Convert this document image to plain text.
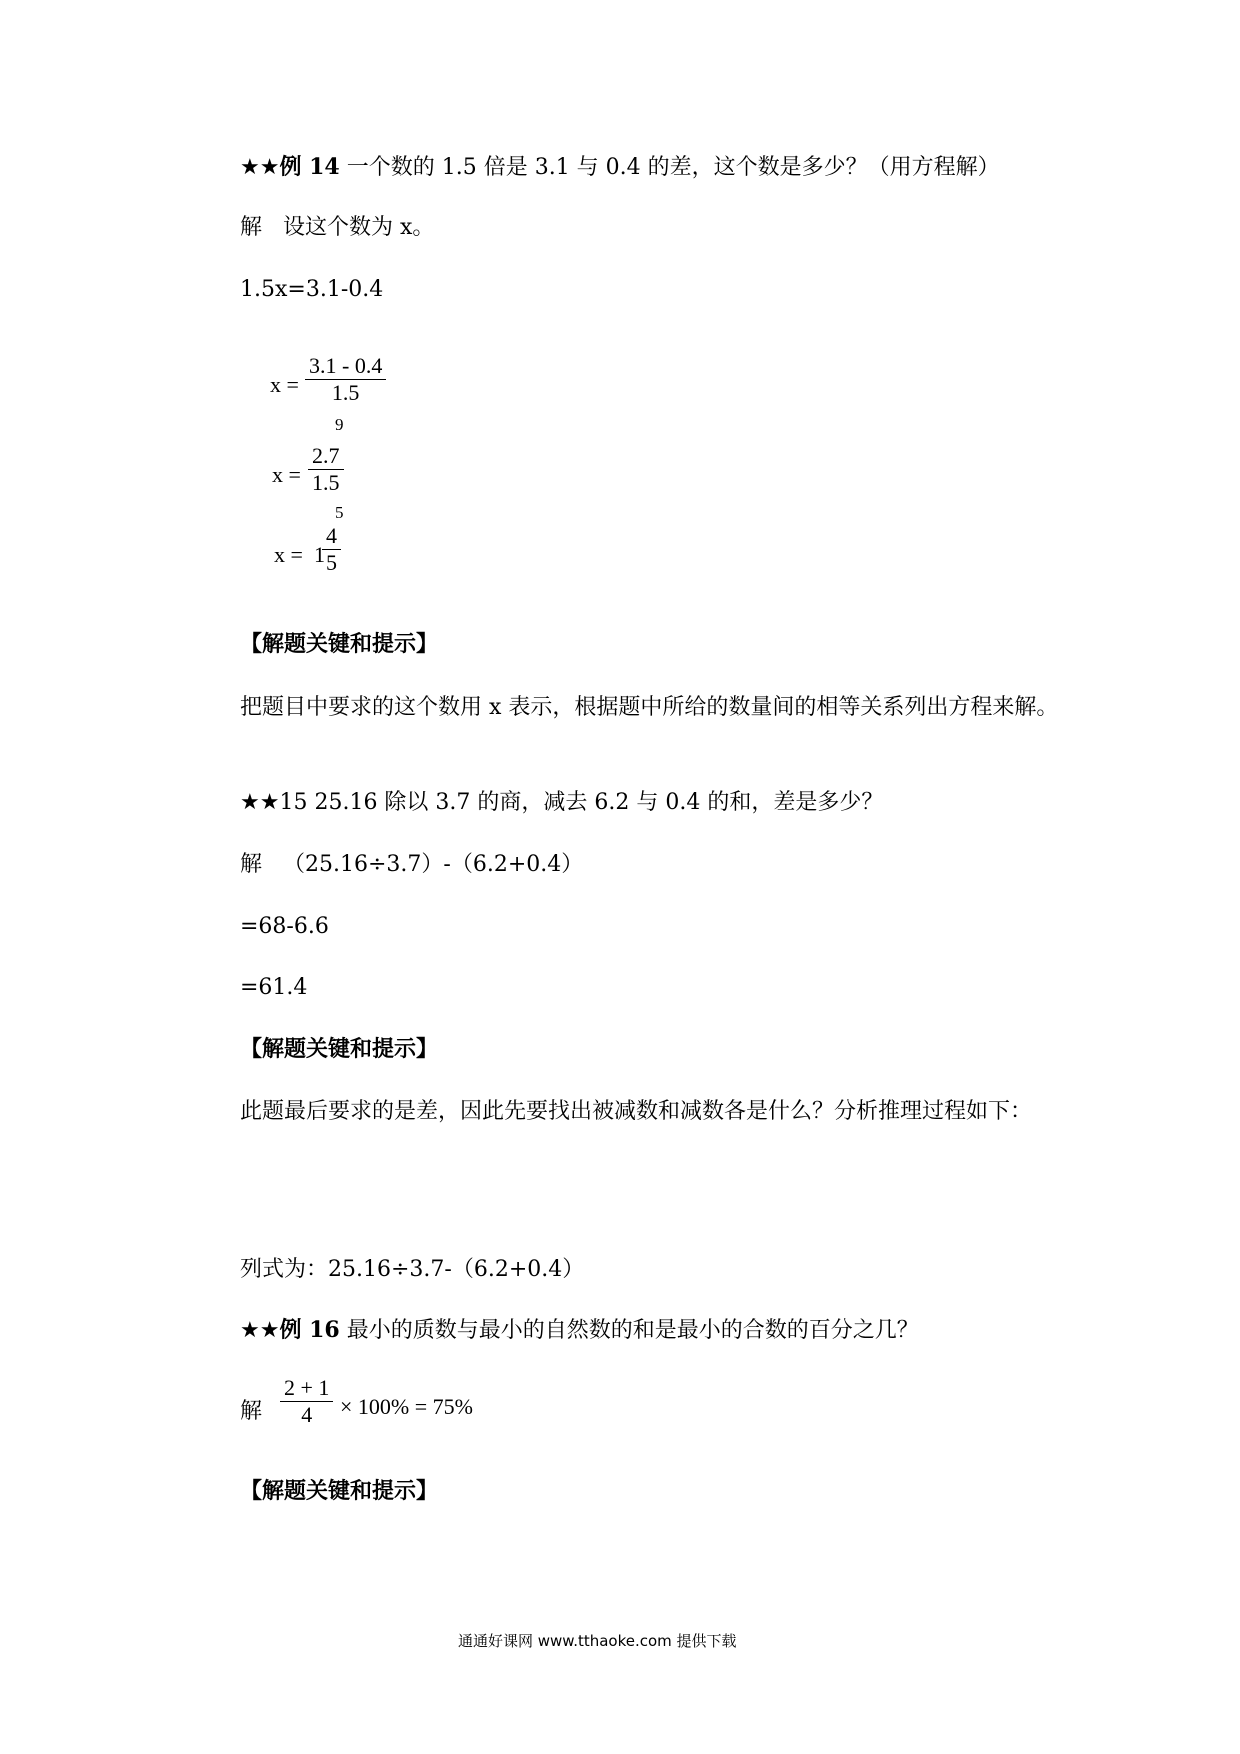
★★例 14 一个数的 1.5 倍是 3.1 与 0.4 的差，这个数是多少？（用方程解）
解 设这个数为 x。
1.5x=3.1-0.4
x =
3.1 - 0.4
1.5
9
x =
2.7
1.5
5
x = 1
4
5
【解题关键和提示】
把题目中要求的这个数用 x 表示，根据题中所给的数量间的相等关系列出方程来解。
★★15 25.16 除以 3.7 的商，减去 6.2 与 0.4 的和，差是多少？
解 （25.16÷3.7）-（6.2+0.4）
=68-6.6
=61.4
【解题关键和提示】
此题最后要求的是差，因此先要找出被减数和减数各是什么？分析推理过程如下：
列式为：25.16÷3.7-（6.2+0.4）
★★例 16 最小的质数与最小的自然数的和是最小的合数的百分之几？
解
2 + 1
4	× 100% = 75%
【解题关键和提示】
通通好课网 www.tthaoke.com 提供下载
